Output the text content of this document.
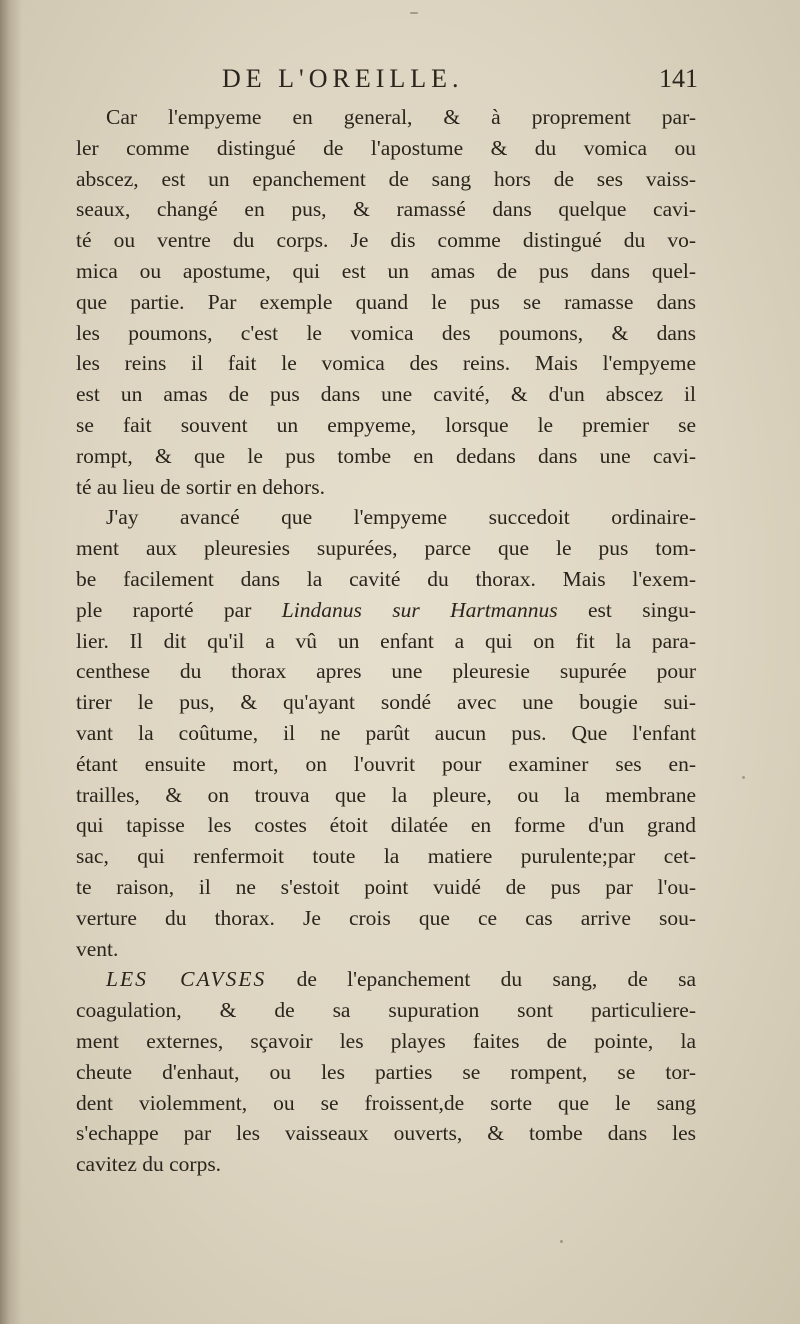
DE L'OREILLE.	141
Car l'empyeme en general, & à proprement par-
ler comme distingué de l'apostume & du vomica ou
abscez, est un epanchement de sang hors de ses vaiss-
seaux, changé en pus, & ramassé dans quelque cavi-
té ou ventre du corps. Je dis comme distingué du vo-
mica ou apostume, qui est un amas de pus dans quel-
que partie. Par exemple quand le pus se ramasse dans
les poumons, c'est le vomica des poumons, & dans
les reins il fait le vomica des reins. Mais l'empyeme
est un amas de pus dans une cavité, & d'un abscez il
se fait souvent un empyeme, lorsque le premier se
rompt, & que le pus tombe en dedans dans une cavi-
té au lieu de sortir en dehors.
J'ay avancé que l'empyeme succedoit ordinaire-
ment aux pleuresies supurées, parce que le pus tom-
be facilement dans la cavité du thorax. Mais l'exem-
ple raporté par Lindanus sur Hartmannus est singu-
lier. Il dit qu'il a vû un enfant a qui on fit la para-
centhese du thorax apres une pleuresie supurée pour
tirer le pus, & qu'ayant sondé avec une bougie sui-
vant la coûtume, il ne parût aucun pus. Que l'enfant
étant ensuite mort, on l'ouvrit pour examiner ses en-
trailles, & on trouva que la pleure, ou la membrane
qui tapisse les costes étoit dilatée en forme d'un grand
sac, qui renfermoit toute la matiere purulente;par cet-
te raison, il ne s'estoit point vuidé de pus par l'ou-
verture du thorax. Je crois que ce cas arrive sou-
vent.
LES CAVSES de l'epanchement du sang, de sa
coagulation, & de sa supuration sont particuliere-
ment externes, sçavoir les playes faites de pointe, la
cheute d'enhaut, ou les parties se rompent, se tor-
dent violemment, ou se froissent,de sorte que le sang
s'echappe par les vaisseaux ouverts, & tombe dans les
cavitez du corps.
